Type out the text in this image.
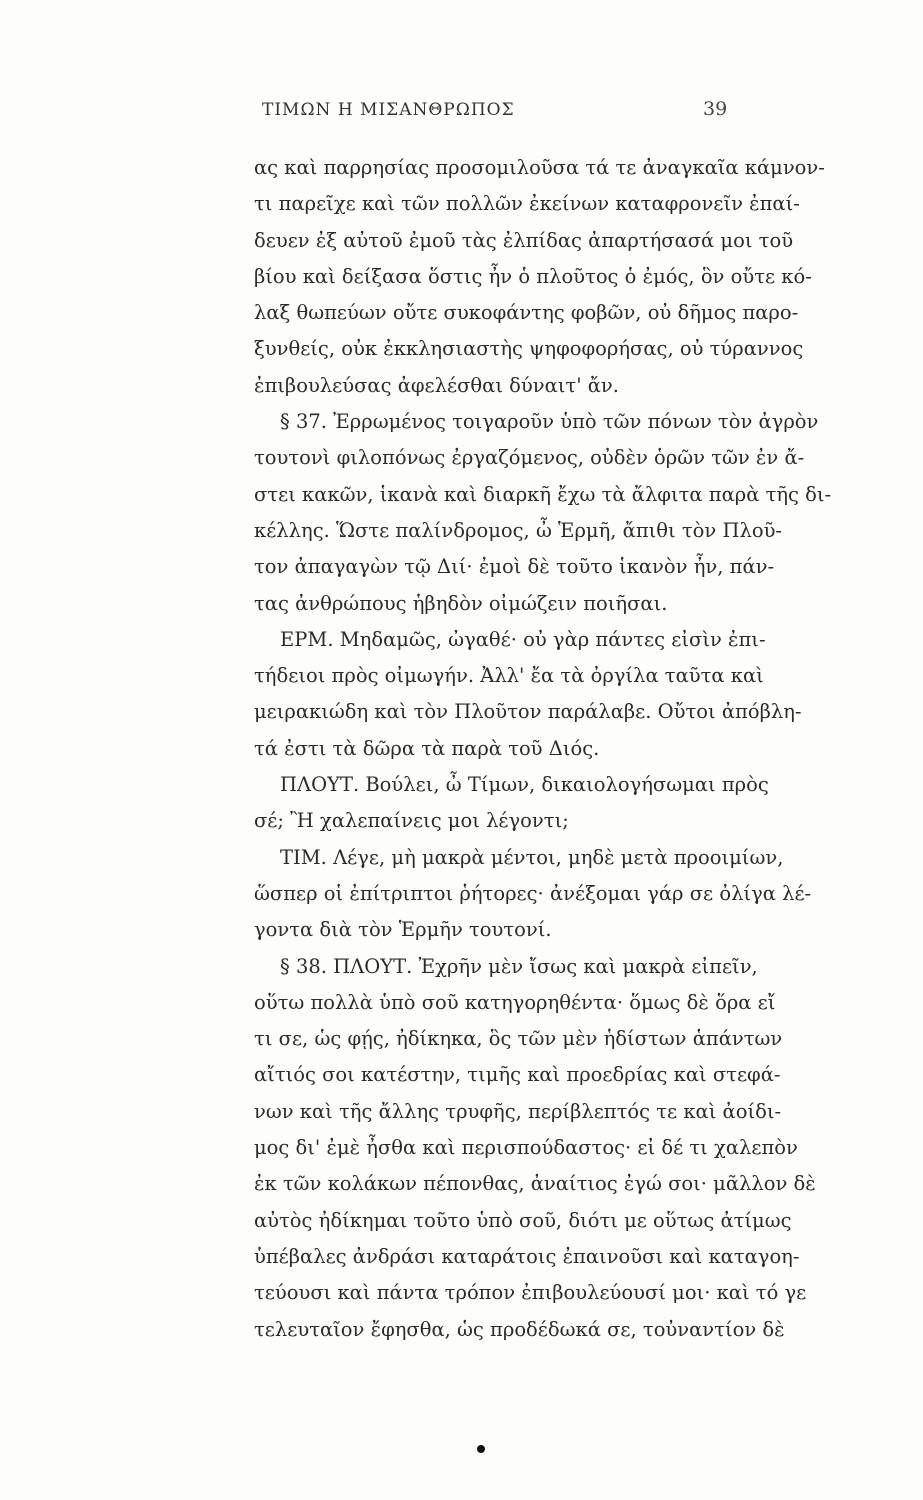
ΤΙΜΩΝ Η ΜΙΣΑΝΘΡΩΠΟΣ	39
ας καὶ παρρησίας προσομιλοῦσα τά τε ἀναγκαῖα κάμνον-
τι παρεῖχε καὶ τῶν πολλῶν ἐκείνων καταφρονεῖν ἐπαί-
δευεν ἐξ αὐτοῦ ἐμοῦ τὰς ἐλπίδας ἀπαρτήσασά μοι τοῦ
βίου καὶ δείξασα ὅστις ἦν ὁ πλοῦτος ὁ ἐμός, ὃν οὔτε κό-
λαξ θωπεύων οὔτε συκοφάντης φοβῶν, οὐ δῆμος παρο-
ξυνθείς, οὐκ ἐκκλησιαστὴς ψηφοφορήσας, οὐ τύραννος
ἐπιβουλεύσας ἀφελέσθαι δύναιτ' ἄν.
§ 37. Ἐρρωμένος τοιγαροῦν ὑπὸ τῶν πόνων τὸν ἀγρὸν
τουτονὶ φιλοπόνως ἐργαζόμενος, οὐδὲν ὁρῶν τῶν ἐν ἄ-
στει κακῶν, ἱκανὰ καὶ διαρκῆ ἔχω τὰ ἄλφιτα παρὰ τῆς δι-
κέλλης. Ὥστε παλίνδρομος, ὦ Ἑρμῆ, ἄπιθι τὸν Πλοῦ-
τον ἀπαγαγὼν τῷ Διί· ἐμοὶ δὲ τοῦτο ἱκανὸν ἦν, πάν-
τας ἀνθρώπους ἡβηδὸν οἰμώζειν ποιῆσαι.
ΕΡΜ. Μηδαμῶς, ὠγαθέ· οὐ γὰρ πάντες εἰσὶν ἐπι-
τήδειοι πρὸς οἰμωγήν. Ἀλλ' ἔα τὰ ὀργίλα ταῦτα καὶ
μειρακιώδη καὶ τὸν Πλοῦτον παράλαβε. Οὔτοι ἀπόβλη-
τά ἐστι τὰ δῶρα τὰ παρὰ τοῦ Διός.
ΠΛΟΥΤ. Βούλει, ὦ Τίμων, δικαιολογήσωμαι πρὸς
σέ; Ἢ χαλεπαίνεις μοι λέγοντι;
ΤΙΜ. Λέγε, μὴ μακρὰ μέντοι, μηδὲ μετὰ προοιμίων,
ὥσπερ οἱ ἐπίτριπτοι ῥήτορες· ἀνέξομαι γάρ σε ὀλίγα λέ-
γοντα διὰ τὸν Ἑρμῆν τουτονί.
§ 38. ΠΛΟΥΤ. Ἐχρῆν μὲν ἴσως καὶ μακρὰ εἰπεῖν,
οὕτω πολλὰ ὑπὸ σοῦ κατηγορηθέντα· ὅμως δὲ ὅρα εἴ
τι σε, ὡς φῄς, ἠδίκηκα, ὃς τῶν μὲν ἡδίστων ἁπάντων
αἴτιός σοι κατέστην, τιμῆς καὶ προεδρίας καὶ στεφά-
νων καὶ τῆς ἄλλης τρυφῆς, περίβλεπτός τε καὶ ἀοίδι-
μος δι' ἐμὲ ἦσθα καὶ περισπούδαστος· εἰ δέ τι χαλεπὸν
ἐκ τῶν κολάκων πέπονθας, ἀναίτιος ἐγώ σοι· μᾶλλον δὲ
αὐτὸς ἠδίκημαι τοῦτο ὑπὸ σοῦ, διότι με οὕτως ἀτίμως
ὑπέβαλες ἀνδράσι καταράτοις ἐπαινοῦσι καὶ καταγοη-
τεύουσι καὶ πάντα τρόπον ἐπιβουλεύουσί μοι· καὶ τό γε
τελευταῖον ἔφησθα, ὡς προδέδωκά σε, τοὐναντίον δὲ
